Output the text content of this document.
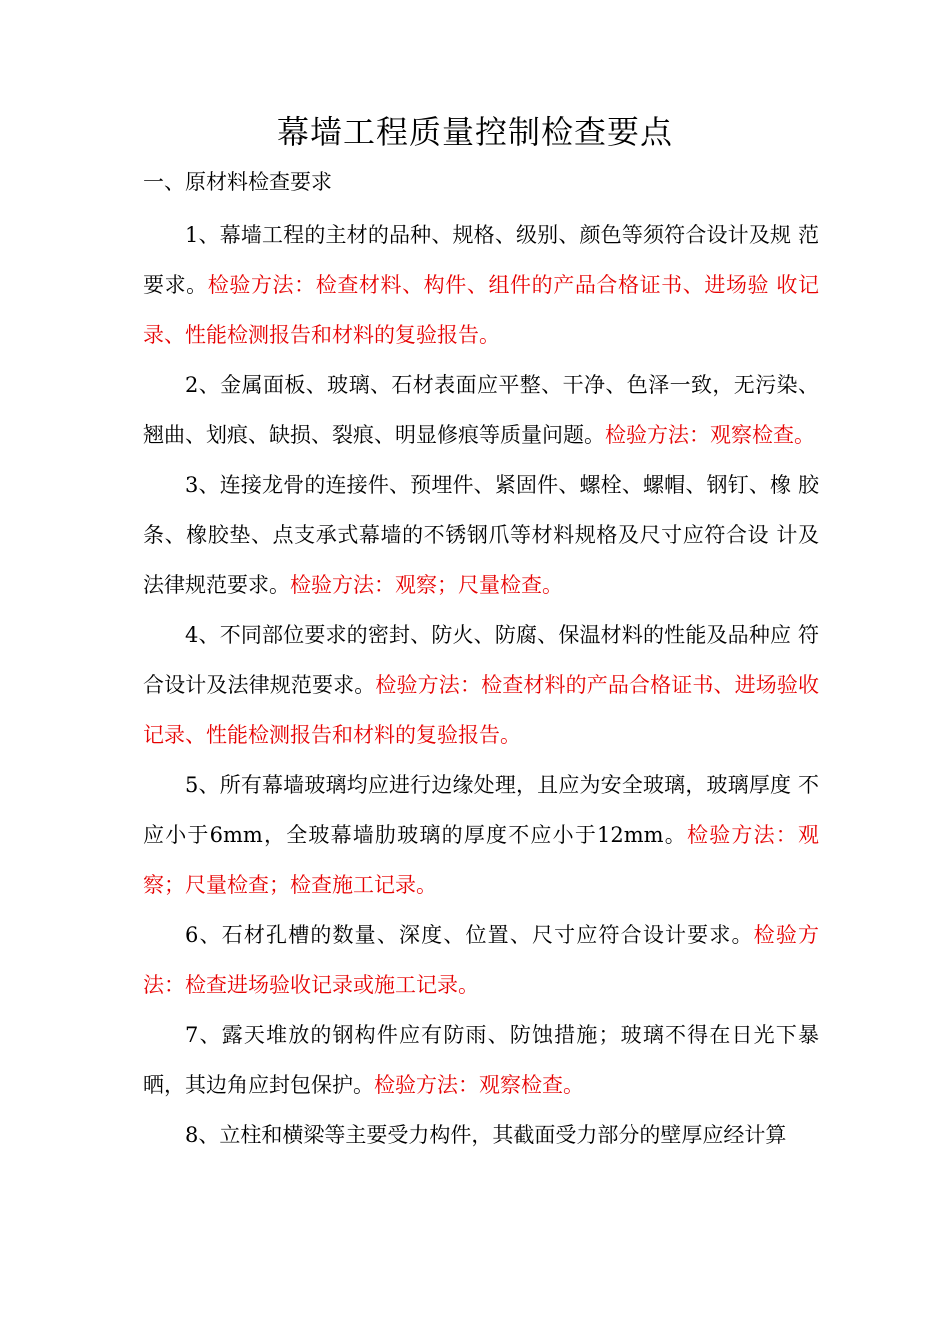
幕墙工程质量控制检查要点
一、原材料检查要求

1、幕墙工程的主材的品种、规格、级别、颜色等须符合设计及规 范要求。检验方法：检查材料、构件、组件的产品合格证书、进场验 收记录、性能检测报告和材料的复验报告。

2、金属面板、玻璃、石材表面应平整、干净、色泽一致，无污染、翘曲、划痕、缺损、裂痕、明显修痕等质量问题。检验方法：观察检查。

3、连接龙骨的连接件、预埋件、紧固件、螺栓、螺帽、钢钉、橡 胶条、橡胶垫、点支承式幕墙的不锈钢爪等材料规格及尺寸应符合设 计及法律规范要求。检验方法：观察；尺量检查。

4、不同部位要求的密封、防火、防腐、保温材料的性能及品种应 符合设计及法律规范要求。检验方法：检查材料的产品合格证书、进场验收记录、性能检测报告和材料的复验报告。

5、所有幕墙玻璃均应进行边缘处理，且应为安全玻璃，玻璃厚度 不应小于6mm，全玻幕墙肋玻璃的厚度不应小于12mm。检验方法：观 察；尺量检查；检查施工记录。

6、石材孔槽的数量、深度、位置、尺寸应符合设计要求。检验方法：检查进场验收记录或施工记录。

7、露天堆放的钢构件应有防雨、防蚀措施；玻璃不得在日光下暴晒，其边角应封包保护。检验方法：观察检查。

8、立柱和横梁等主要受力构件，其截面受力部分的壁厚应经计算
